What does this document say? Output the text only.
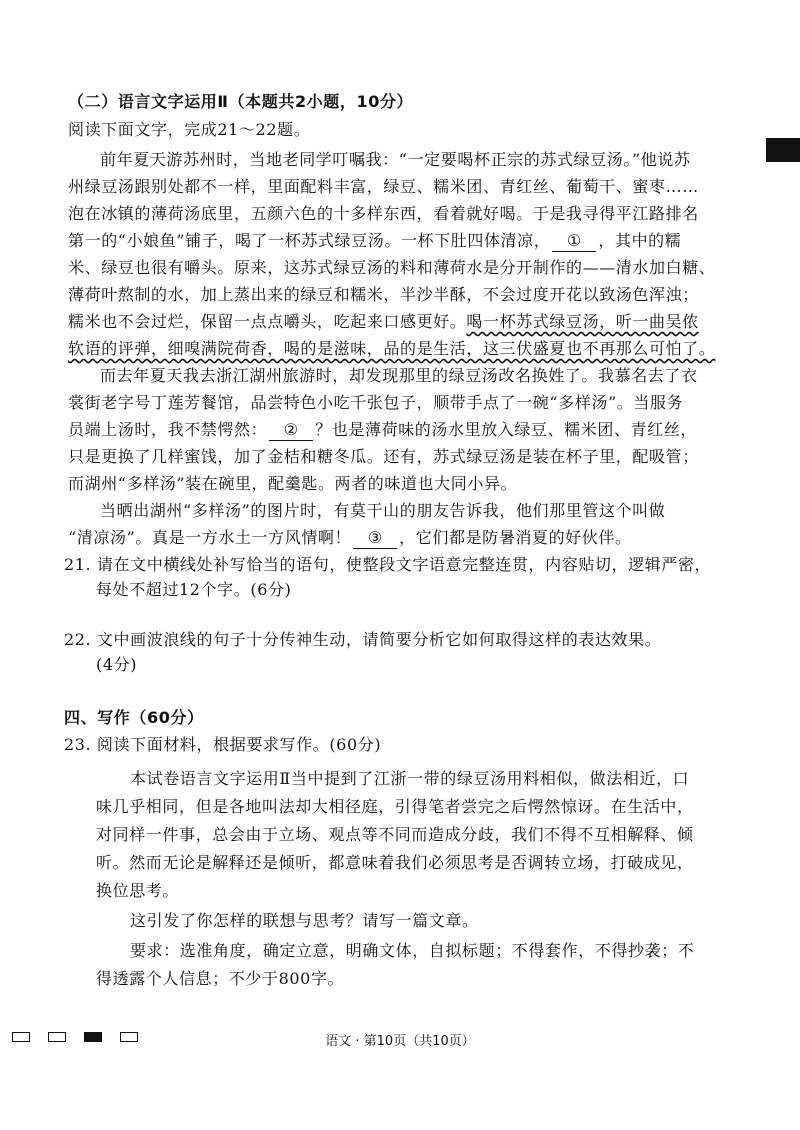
（二）语言文字运用Ⅱ（本题共2小题，10分）
阅读下面文字，完成21～22题。
前年夏天游苏州时，当地老同学叮嘱我：“一定要喝杯正宗的苏式绿豆汤。”他说苏
州绿豆汤跟别处都不一样，里面配料丰富，绿豆、糯米团、青红丝、葡萄干、蜜枣……
泡在冰镇的薄荷汤底里，五颜六色的十多样东西，看着就好喝。于是我寻得平江路排名
第一的“小娘鱼”铺子，喝了一杯苏式绿豆汤。一杯下肚四体清凉， ① ，其中的糯
米、绿豆也很有嚼头。原来，这苏式绿豆汤的料和薄荷水是分开制作的——清水加白糖、
薄荷叶熬制的水，加上蒸出来的绿豆和糯米，半沙半酥，不会过度开花以致汤色浑浊；
糯米也不会过烂，保留一点点嚼头，吃起来口感更好。喝一杯苏式绿豆汤，听一曲吴侬
软语的评弹，细嗅满院荷香，喝的是滋味，品的是生活，这三伏盛夏也不再那么可怕了。
而去年夏天我去浙江湖州旅游时，却发现那里的绿豆汤改名换姓了。我慕名去了衣
裳街老字号丁莲芳餐馆，品尝特色小吃千张包子，顺带手点了一碗“多样汤”。当服务
员端上汤时，我不禁愕然： ② ？也是薄荷味的汤水里放入绿豆、糯米团、青红丝，
只是更换了几样蜜饯，加了金桔和糖冬瓜。还有，苏式绿豆汤是装在杯子里，配吸管；
而湖州“多样汤”装在碗里，配羹匙。两者的味道也大同小异。
当晒出湖州“多样汤”的图片时，有莫干山的朋友告诉我，他们那里管这个叫做
“清凉汤”。真是一方水土一方风情啊！ ③ ，它们都是防暑消夏的好伙伴。
21. 请在文中横线处补写恰当的语句，使整段文字语意完整连贯，内容贴切，逻辑严密，
每处不超过12个字。(6分)
22. 文中画波浪线的句子十分传神生动，请简要分析它如何取得这样的表达效果。
(4分)
四、写作（60分）
23. 阅读下面材料，根据要求写作。(60分)
本试卷语言文字运用Ⅱ当中提到了江浙一带的绿豆汤用料相似，做法相近，口
味几乎相同，但是各地叫法却大相径庭，引得笔者尝完之后愕然惊讶。在生活中，
对同样一件事，总会由于立场、观点等不同而造成分歧，我们不得不互相解释、倾
听。然而无论是解释还是倾听，都意味着我们必须思考是否调转立场，打破成见，
换位思考。
这引发了你怎样的联想与思考？请写一篇文章。
要求：选准角度，确定立意，明确文体，自拟标题；不得套作，不得抄袭；不
得透露个人信息；不少于800字。
语文 · 第10页（共10页）
